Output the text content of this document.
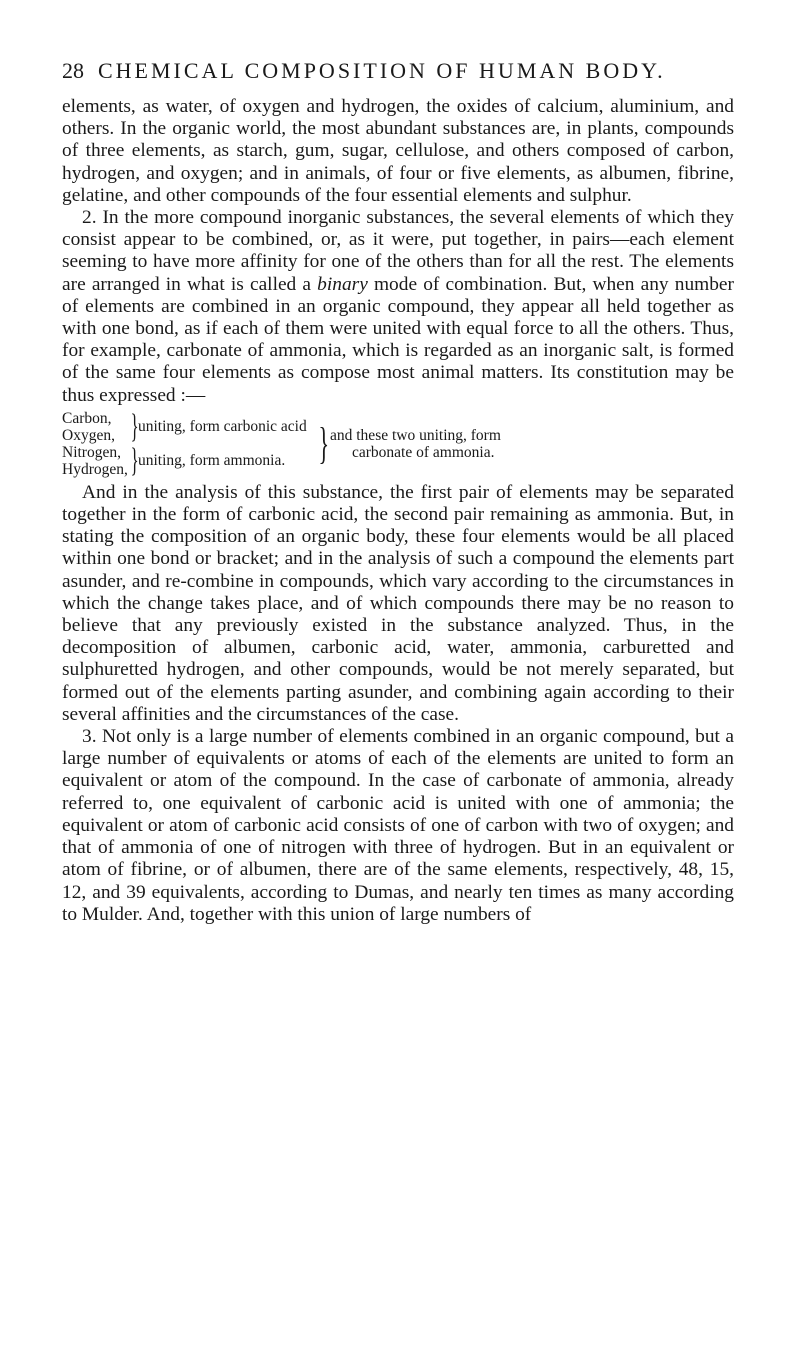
28 CHEMICAL COMPOSITION OF HUMAN BODY.

elements, as water, of oxygen and hydrogen, the oxides of calcium, aluminium, and others. In the organic world, the most abundant substances are, in plants, compounds of three elements, as starch, gum, sugar, cellulose, and others composed of carbon, hydrogen, and oxygen; and in animals, of four or five elements, as albumen, fibrine, gelatine, and other compounds of the four essential elements and sulphur.

2. In the more compound inorganic substances, the several elements of which they consist appear to be combined, or, as it were, put together, in pairs—each element seeming to have more affinity for one of the others than for all the rest. The elements are arranged in what is called a binary mode of combination. But, when any number of elements are combined in an organic compound, they appear all held together as with one bond, as if each of them were united with equal force to all the others. Thus, for example, carbonate of ammonia, which is regarded as an inorganic salt, is formed of the same four elements as compose most animal matters. Its constitution may be thus expressed :—

Carbon,
Oxygen, } uniting, form carbonic acid
Nitrogen,
Hydrogen, } uniting, form ammonia. } and these two uniting, form
carbonate of ammonia.

And in the analysis of this substance, the first pair of elements may be separated together in the form of carbonic acid, the second pair remaining as ammonia. But, in stating the composition of an organic body, these four elements would be all placed within one bond or bracket; and in the analysis of such a compound the elements part asunder, and re-combine in compounds, which vary according to the circumstances in which the change takes place, and of which compounds there may be no reason to believe that any previously existed in the substance analyzed. Thus, in the decomposition of albumen, carbonic acid, water, ammonia, carburetted and sulphuretted hydrogen, and other compounds, would be not merely separated, but formed out of the elements parting asunder, and combining again according to their several affinities and the circumstances of the case.

3. Not only is a large number of elements combined in an organic compound, but a large number of equivalents or atoms of each of the elements are united to form an equivalent or atom of the compound. In the case of carbonate of ammonia, already referred to, one equivalent of carbonic acid is united with one of ammonia; the equivalent or atom of carbonic acid consists of one of carbon with two of oxygen; and that of ammonia of one of nitrogen with three of hydrogen. But in an equivalent or atom of fibrine, or of albumen, there are of the same elements, respectively, 48, 15, 12, and 39 equivalents, according to Dumas, and nearly ten times as many according to Mulder. And, together with this union of large numbers of
